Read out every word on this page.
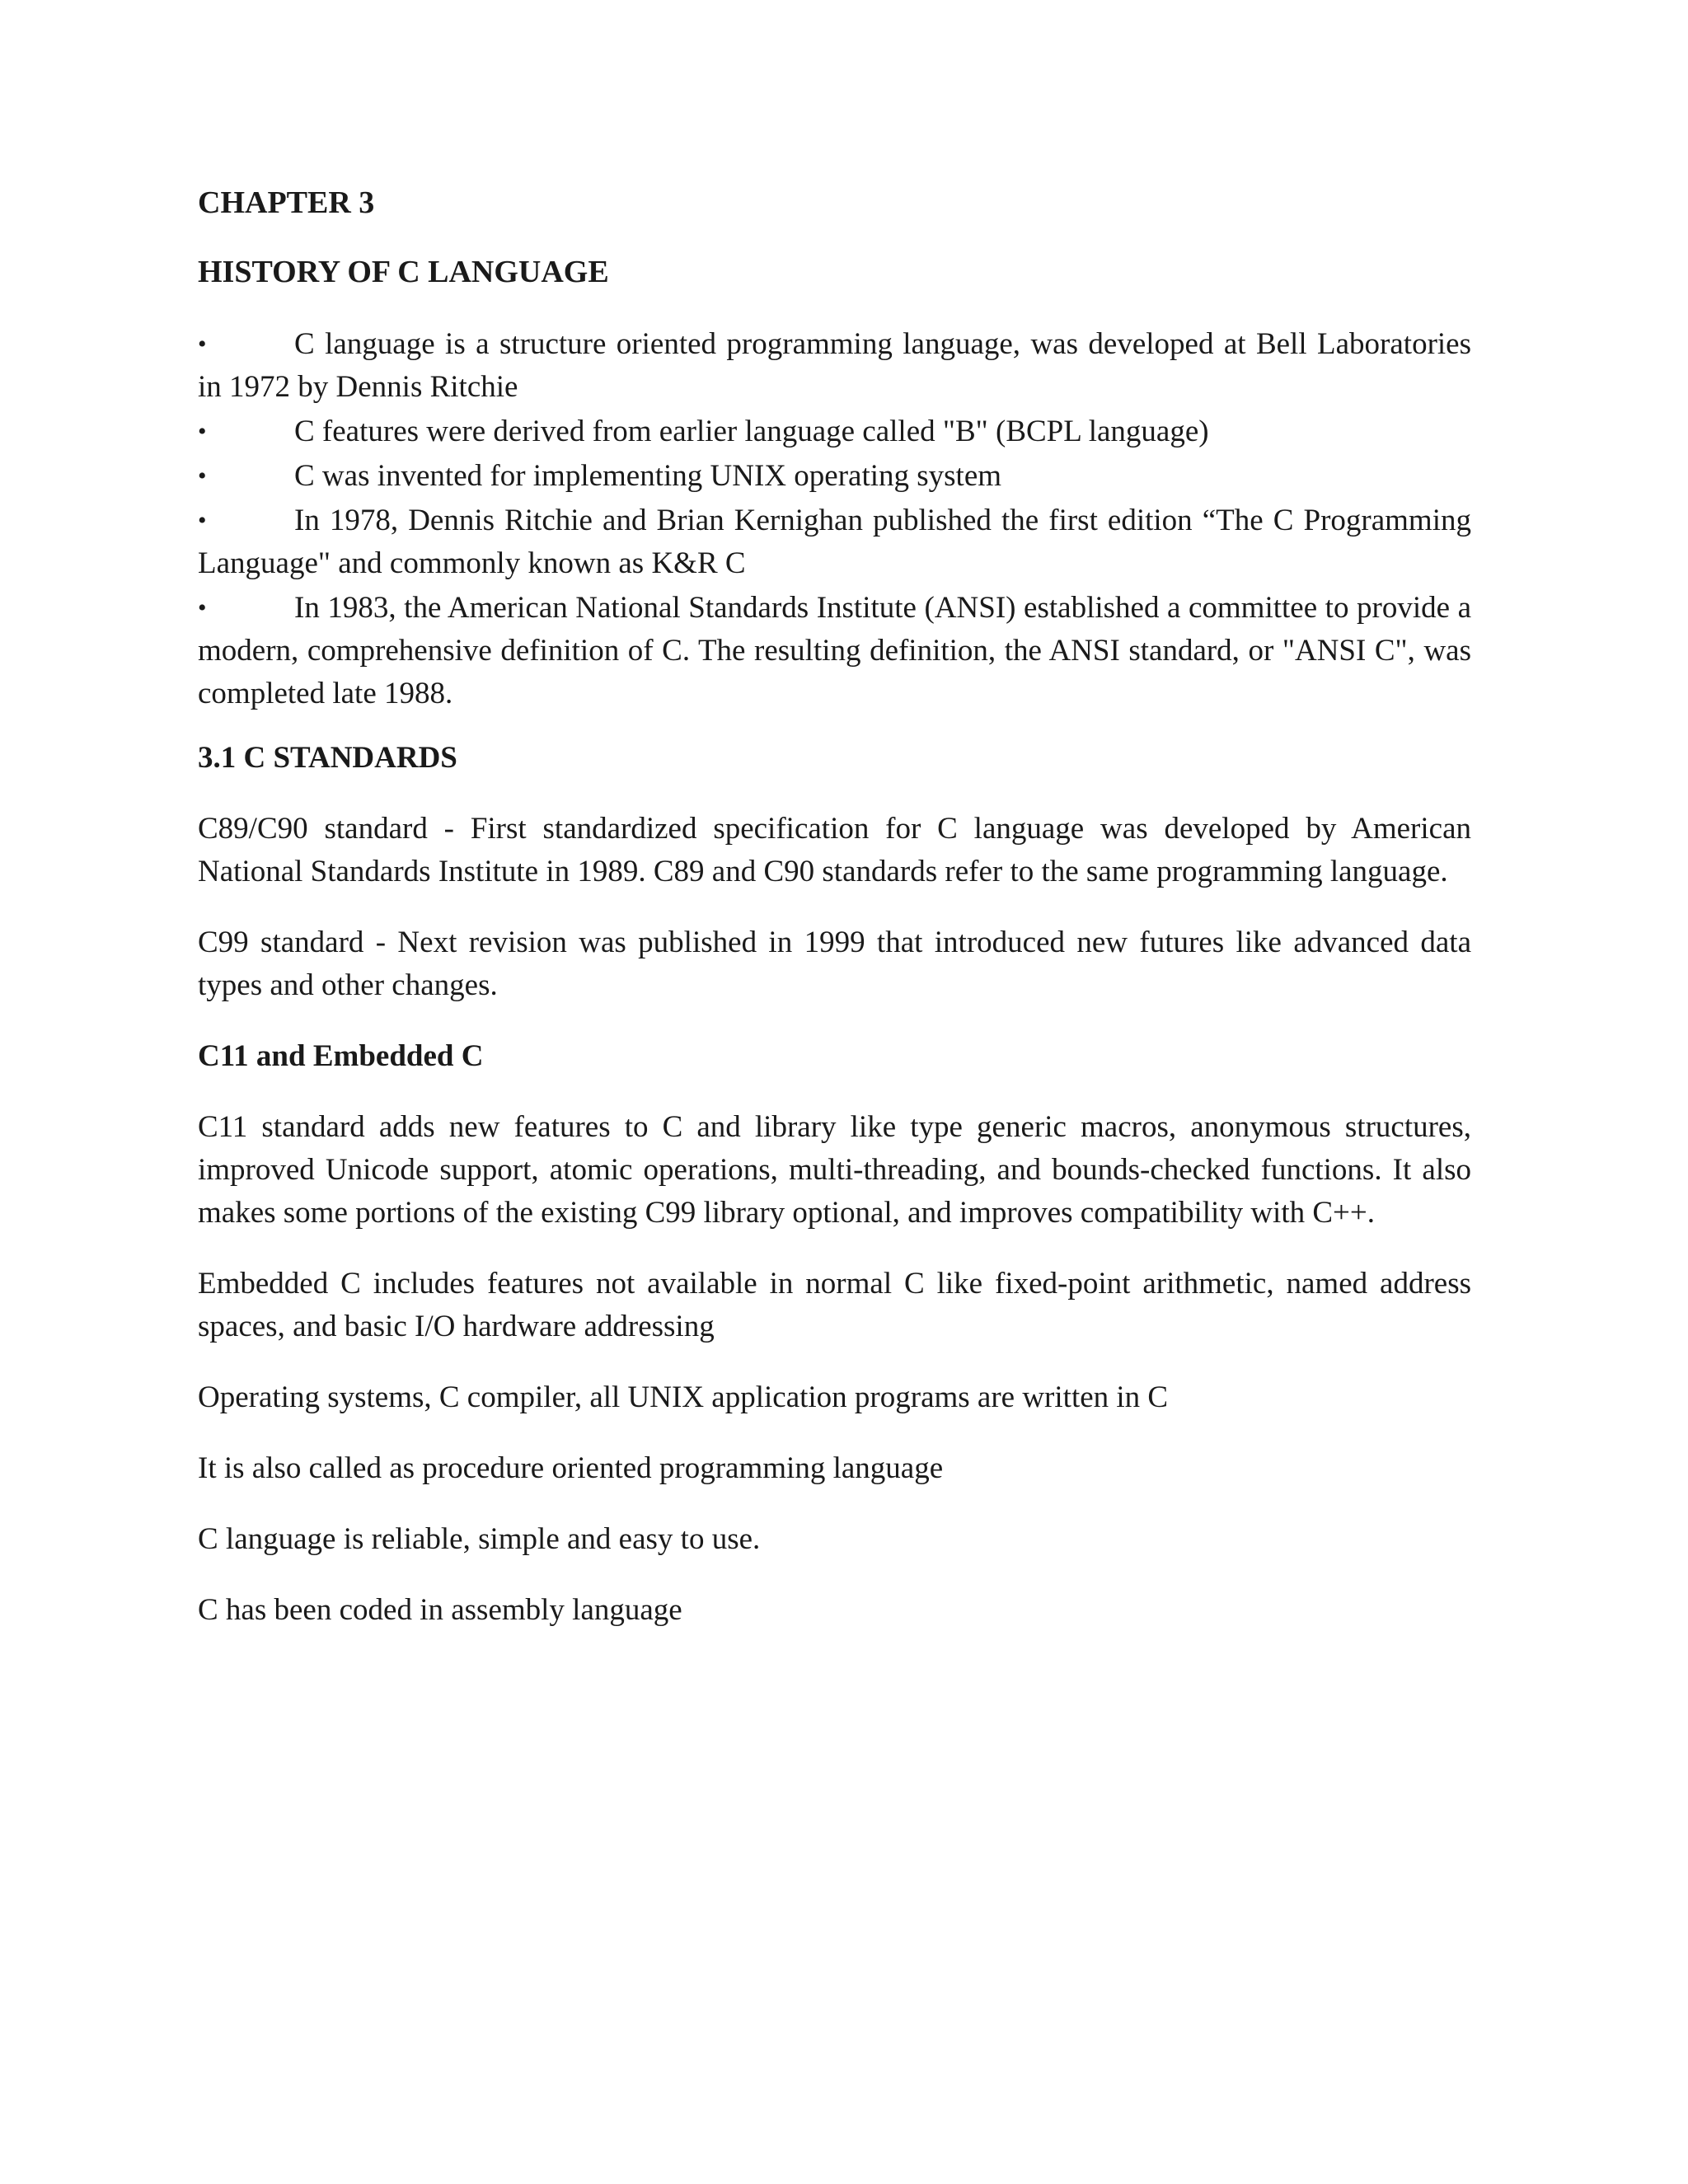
CHAPTER 3

HISTORY OF C LANGUAGE

•	C language is a structure oriented programming language, was developed at Bell Laboratories in 1972 by Dennis Ritchie
•	C features were derived from earlier language called "B" (BCPL language)
•	C was invented for implementing UNIX operating system
•	In 1978, Dennis Ritchie and Brian Kernighan published the first edition “The C Programming Language" and commonly known as K&R C
•	In 1983, the American National Standards Institute (ANSI) established a committee to provide a modern, comprehensive definition of C. The resulting definition, the ANSI standard, or "ANSI C", was completed late 1988.

3.1 C STANDARDS

C89/C90 standard - First standardized specification for C language was developed by American National Standards Institute in 1989. C89 and C90 standards refer to the same programming language.

C99 standard - Next revision was published in 1999 that introduced new futures like advanced data types and other changes.

C11 and Embedded C

C11 standard adds new features to C and library like type generic macros, anonymous structures, improved Unicode support, atomic operations, multi-threading, and bounds-checked functions. It also makes some portions of the existing C99 library optional, and improves compatibility with C++.

Embedded C includes features not available in normal C like fixed-point arithmetic, named address spaces, and basic I/O hardware addressing

Operating systems, C compiler, all UNIX application programs are written in C

It is also called as procedure oriented programming language

C language is reliable, simple and easy to use.

C has been coded in assembly language
